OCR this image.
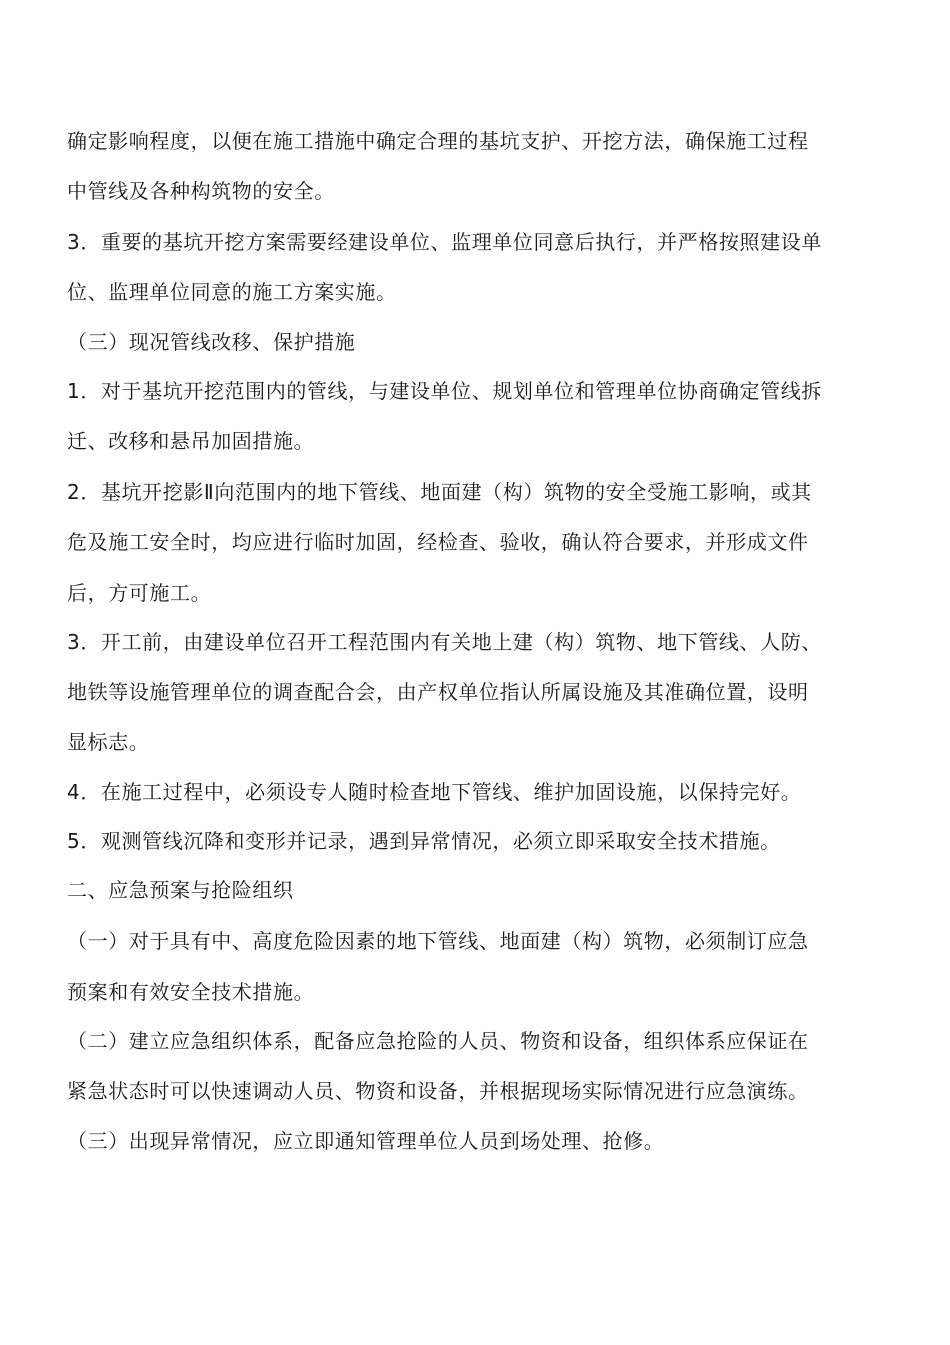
确定影响程度，以便在施工措施中确定合理的基坑支护、开挖方法，确保施工过程
中管线及各种构筑物的安全。
3．重要的基坑开挖方案需要经建设单位、监理单位同意后执行，并严格按照建设单
位、监理单位同意的施工方案实施。
（三）现况管线改移、保护措施
1．对于基坑开挖范围内的管线，与建设单位、规划单位和管理单位协商确定管线拆
迁、改移和悬吊加固措施。
2．基坑开挖影Ⅱ向范围内的地下管线、地面建（构）筑物的安全受施工影响，或其
危及施工安全时，均应进行临时加固，经检查、验收，确认符合要求，并形成文件
后，方可施工。
3．开工前，由建设单位召开工程范围内有关地上建（构）筑物、地下管线、人防、
地铁等设施管理单位的调查配合会，由产权单位指认所属设施及其准确位置，设明
显标志。
4．在施工过程中，必须设专人随时检查地下管线、维护加固设施，以保持完好。
5．观测管线沉降和变形并记录，遇到异常情况，必须立即采取安全技术措施。
二、应急预案与抢险组织
（一）对于具有中、高度危险因素的地下管线、地面建（构）筑物，必须制订应急
预案和有效安全技术措施。
（二）建立应急组织体系，配备应急抢险的人员、物资和设备，组织体系应保证在
紧急状态时可以快速调动人员、物资和设备，并根据现场实际情况进行应急演练。
（三）出现异常情况，应立即通知管理单位人员到场处理、抢修。
